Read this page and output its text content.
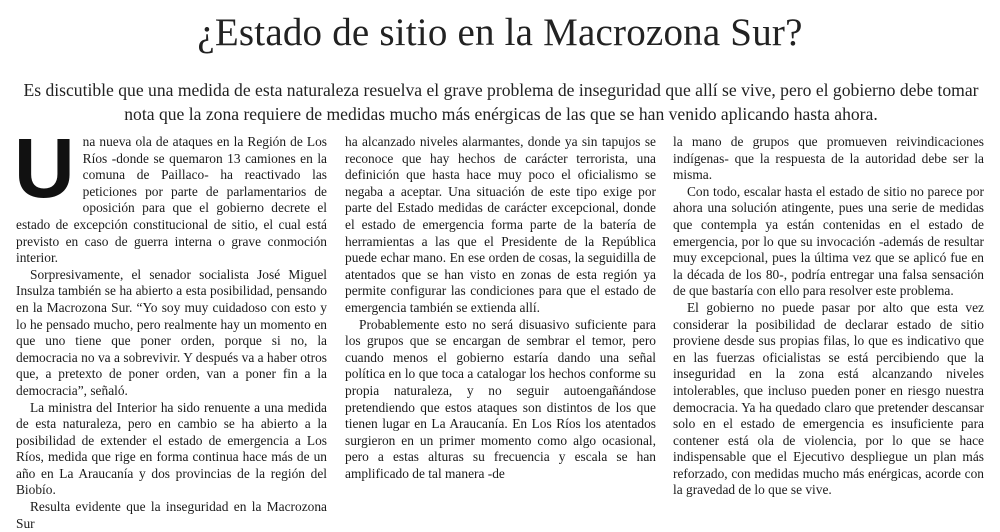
¿Estado de sitio en la Macrozona Sur?

Es discutible que una medida de esta naturaleza resuelva el grave problema de inseguridad que allí se vive, pero el gobierno debe tomar nota que la zona requiere de medidas mucho más enérgicas de las que se han venido aplicando hasta ahora.

Una nueva ola de ataques en la Región de Los Ríos -donde se quemaron 13 camiones en la comuna de Paillaco- ha reactivado las peticiones por parte de parlamentarios de oposición para que el gobierno decrete el estado de excepción constitucional de sitio, el cual está previsto en caso de guerra interna o grave conmoción interior.

Sorpresivamente, el senador socialista José Miguel Insulza también se ha abierto a esta posibilidad, pensando en la Macrozona Sur. “Yo soy muy cuidadoso con esto y lo he pensado mucho, pero realmente hay un momento en que uno tiene que poner orden, porque si no, la democracia no va a sobrevivir. Y después va a haber otros que, a pretexto de poner orden, van a poner fin a la democracia”, señaló.

La ministra del Interior ha sido renuente a una medida de esta naturaleza, pero en cambio se ha abierto a la posibilidad de extender el estado de emergencia a Los Ríos, medida que rige en forma continua hace más de un año en La Araucanía y dos provincias de la región del Biobío.

Resulta evidente que la inseguridad en la Macrozona Sur

ha alcanzado niveles alarmantes, donde ya sin tapujos se reconoce que hay hechos de carácter terrorista, una definición que hasta hace muy poco el oficialismo se negaba a aceptar. Una situación de este tipo exige por parte del Estado medidas de carácter excepcional, donde el estado de emergencia forma parte de la batería de herramientas a las que el Presidente de la República puede echar mano. En ese orden de cosas, la seguidilla de atentados que se han visto en zonas de esta región ya permite configurar las condiciones para que el estado de emergencia también se extienda allí.

Probablemente esto no será disuasivo suficiente para los grupos que se encargan de sembrar el temor, pero cuando menos el gobierno estaría dando una señal política en lo que toca a catalogar los hechos conforme su propia naturaleza, y no seguir autoengañándose pretendiendo que estos ataques son distintos de los que tienen lugar en La Araucanía. En Los Ríos los atentados surgieron en un primer momento como algo ocasional, pero a estas alturas su frecuencia y escala se han amplificado de tal manera -de

la mano de grupos que promueven reivindicaciones indígenas- que la respuesta de la autoridad debe ser la misma.

Con todo, escalar hasta el estado de sitio no parece por ahora una solución atingente, pues una serie de medidas que contempla ya están contenidas en el estado de emergencia, por lo que su invocación -además de resultar muy excepcional, pues la última vez que se aplicó fue en la década de los 80-, podría entregar una falsa sensación de que bastaría con ello para resolver este problema.

El gobierno no puede pasar por alto que esta vez considerar la posibilidad de declarar estado de sitio proviene desde sus propias filas, lo que es indicativo que en las fuerzas oficialistas se está percibiendo que la inseguridad en la zona está alcanzando niveles intolerables, que incluso pueden poner en riesgo nuestra democracia. Ya ha quedado claro que pretender descansar solo en el estado de emergencia es insuficiente para contener está ola de violencia, por lo que se hace indispensable que el Ejecutivo despliegue un plan más reforzado, con medidas mucho más enérgicas, acorde con la gravedad de lo que se vive.
